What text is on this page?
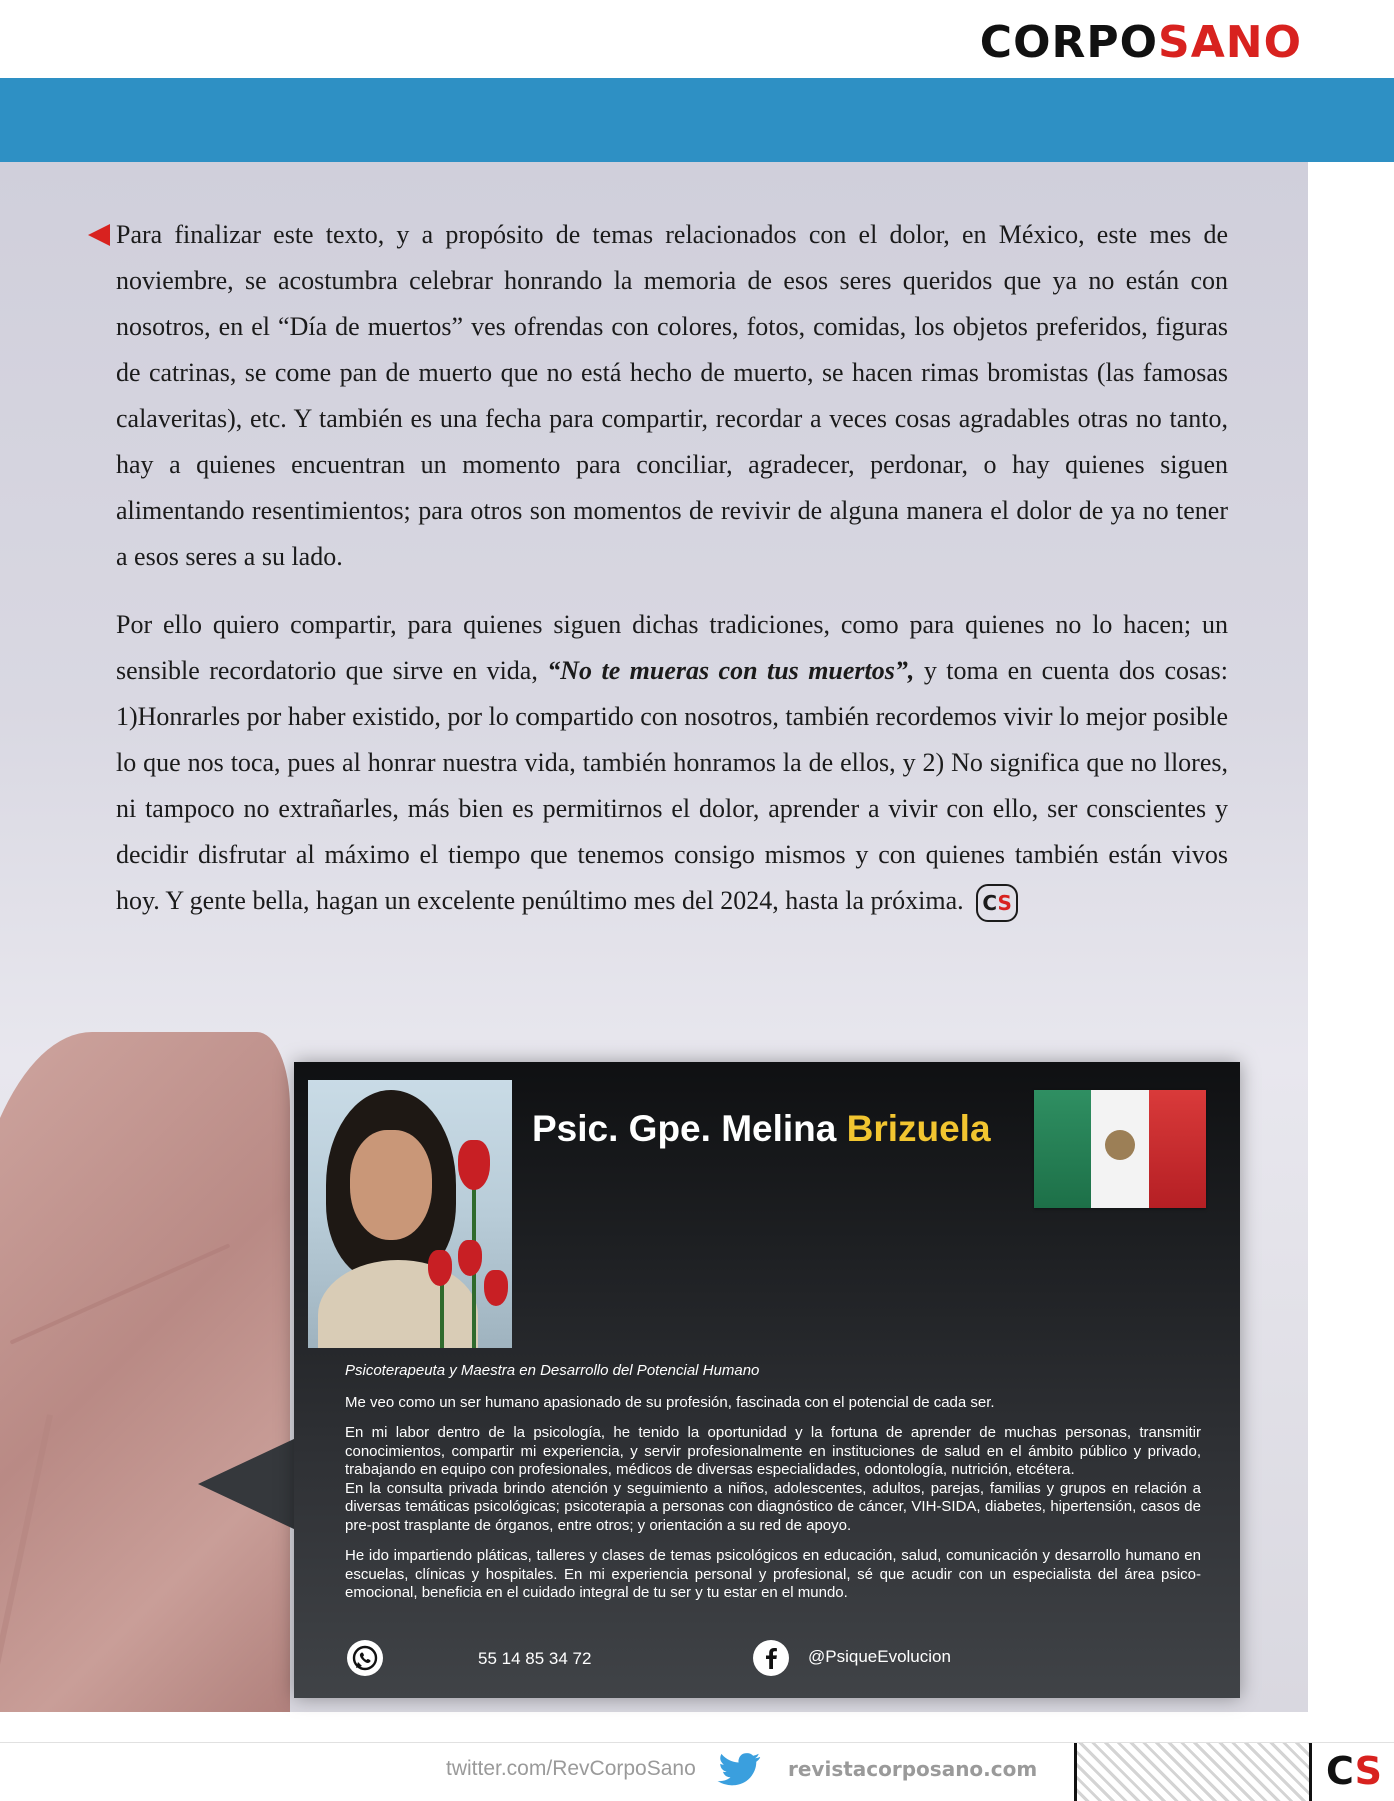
CORPOSANO

Para finalizar este texto, y a propósito de temas relacionados con el dolor, en México, este mes de noviembre, se acostumbra celebrar honrando la memoria de esos seres queridos que ya no están con nosotros, en el “Día de muertos” ves ofrendas con colores, fotos, comidas, los objetos preferidos, figuras de catrinas, se come pan de muerto que no está hecho de muerto, se hacen rimas bromistas (las famosas calaveritas), etc. Y también es una fecha para compartir, recordar a veces cosas agradables otras no tanto, hay a quienes encuentran un momento para conciliar, agradecer, perdonar, o hay quienes siguen alimentando resentimientos; para otros son momentos de revivir de alguna manera el dolor de ya no tener a esos seres a su lado.

Por ello quiero compartir, para quienes siguen dichas tradiciones, como para quienes no lo hacen; un sensible recordatorio que sirve en vida, “No te mueras con tus muertos”, y toma en cuenta dos cosas: 1)Honrarles por haber existido, por lo compartido con nosotros, también recordemos vivir lo mejor posible lo que nos toca, pues al honrar nuestra vida, también honramos la de ellos, y 2) No significa que no llores, ni tampoco no extrañarles, más bien es permitirnos el dolor, aprender a vivir con ello, ser conscientes y decidir disfrutar al máximo el tiempo que tenemos consigo mismos y con quienes también están vivos hoy. Y gente bella, hagan un excelente penúltimo mes del 2024, hasta la próxima. CS

Psic. Gpe. Melina Brizuela

Psicoterapeuta y Maestra en Desarrollo del Potencial Humano

Me veo como un ser humano apasionado de su profesión, fascinada con el potencial de cada ser.

En mi labor dentro de la psicología, he tenido la oportunidad y la fortuna de aprender de muchas personas, transmitir conocimientos, compartir mi experiencia, y servir profesionalmente en instituciones de salud en el ámbito público y privado, trabajando en equipo con profesionales, médicos de diversas especialidades, odontología, nutrición, etcétera.

En la consulta privada brindo atención y seguimiento a niños, adolescentes, adultos, parejas, familias y grupos en relación a diversas temáticas psicológicas; psicoterapia a personas con diagnóstico de cáncer, VIH-SIDA, diabetes, hipertensión, casos de pre-post trasplante de órganos, entre otros; y orientación a su red de apoyo.

He ido impartiendo pláticas, talleres y clases de temas psicológicos en educación, salud, comunicación y desarrollo humano en escuelas, clínicas y hospitales. En mi experiencia personal y profesional, sé que acudir con un especialista del área psico-emocional, beneficia en el cuidado integral de tu ser y tu estar en el mundo.

55 14 85 34 72	@PsiqueEvolucion
twitter.com/RevCorpoSano	revistacorposano.com	CS
